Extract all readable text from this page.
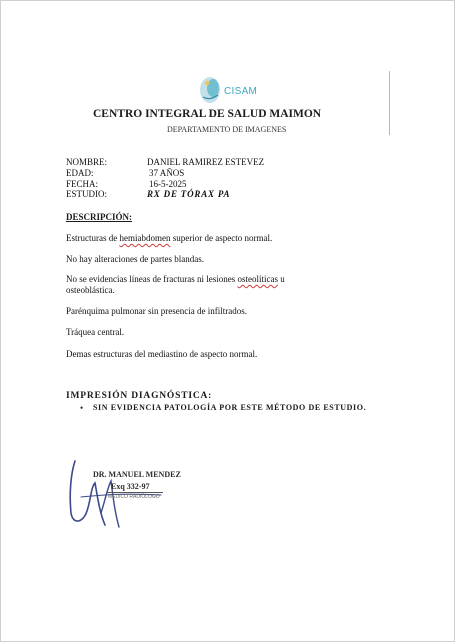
CISAM
CENTRO INTEGRAL DE SALUD MAIMON
DEPARTAMENTO DE IMAGENES
NOMBRE:	DANIEL RAMIREZ ESTEVEZ
EDAD:	37 AÑOS
FECHA:	16-5-2025
ESTUDIO:	RX DE TÓRAX PA
DESCRIPCIÓN:
Estructuras de hemiabdomen superior de aspecto normal.
No hay alteraciones de partes blandas.
No se evidencias líneas de fracturas ni lesiones osteolíticas u
osteoblástica.
Parénquima pulmonar sin presencia de infiltrados.
Tráquea central.
Demas estructuras del mediastino de aspecto normal.
IMPRESIÓN DIAGNÓSTICA:
• SIN EVIDENCIA PATOLOGÍA POR ESTE MÉTODO DE ESTUDIO.
DR. MANUEL MENDEZ
Exq 332-97
MÉDICO RADIÓLOGO
